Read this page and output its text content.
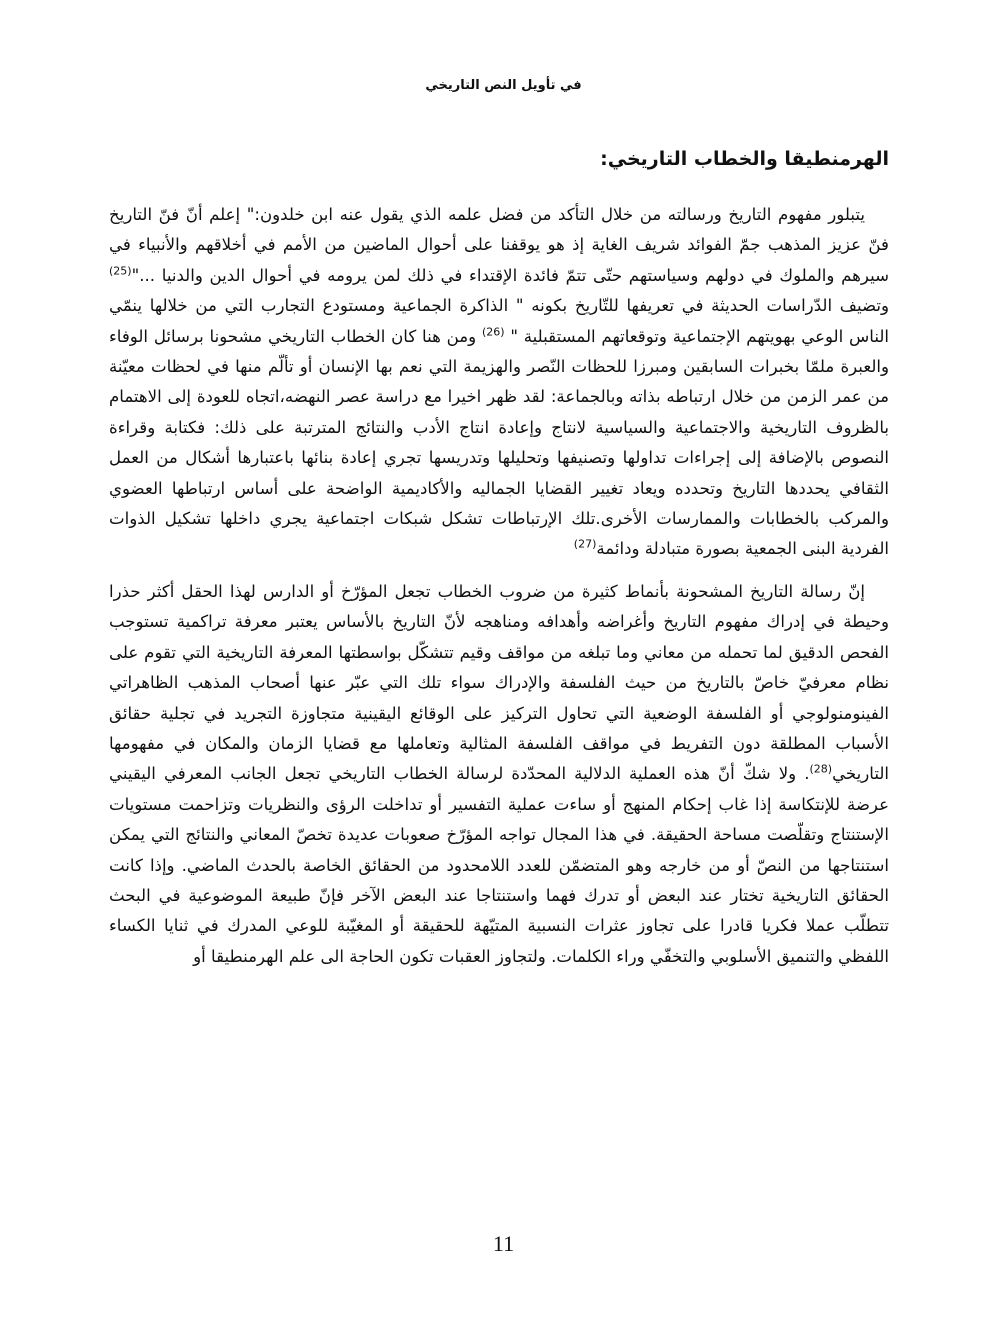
في تأويل النص التاريخي
الهرمنطيقا والخطاب التاريخي:

يتبلور مفهوم التاريخ ورسالته من خلال التأكد من فضل علمه الذي يقول عنه ابن خلدون:" إعلم أنّ فنّ التاريخ فنّ عزيز المذهب جمّ الفوائد شريف الغاية إذ هو يوقفنا على أحوال الماضين من الأمم في أخلاقهم والأنبياء في سيرهم والملوك في دولهم وسياستهم حتّى تتمّ فائدة الإقتداء في ذلك لمن يرومه في أحوال الدين والدنيا ..."$^{(25)}$ وتضيف الدّراسات الحديثة في تعريفها للتّاريخ بكونه " الذاكرة الجماعية ومستودع التجارب التي من خلالها ينمّي الناس الوعي بهويتهم الإجتماعية وتوقعاتهم المستقبلية " $^{(26)}$ ومن هنا كان الخطاب التاريخي مشحونا برسائل الوفاء والعبرة ملمّا بخبرات السابقين ومبرزا للحظات النّصر والهزيمة التي نعم بها الإنسان أو تألّم منها في لحظات معيّنة من عمر الزمن من خلال ارتباطه بذاته وبالجماعة: لقد ظهر اخيرا مع دراسة عصر النهضه،اتجاه للعودة إلى الاهتمام بالظروف التاريخية والاجتماعية والسياسية لانتاج وإعادة انتاج الأدب والنتائج المترتبة على ذلك: فكتابة وقراءة النصوص بالإضافة إلى إجراءات تداولها وتصنيفها وتحليلها وتدريسها تجري إعادة بنائها باعتبارها أشكال من العمل الثقافي يحددها التاريخ وتحدده ويعاد تغيير القضايا الجماليه والأكاديمية الواضحة على أساس ارتباطها العضوي والمركب بالخطابات والممارسات الأخرى.تلك الإرتباطات تشكل شبكات اجتماعية يجري داخلها تشكيل الذوات الفردية البنى الجمعية بصورة متبادلة ودائمة$^{(27)}$

إنّ رسالة التاريخ المشحونة بأنماط كثيرة من ضروب الخطاب تجعل المؤرّخ أو الدارس لهذا الحقل أكثر حذرا وحيطة في إدراك مفهوم التاريخ وأغراضه وأهدافه ومناهجه لأنّ التاريخ بالأساس يعتبر معرفة تراكمية تستوجب الفحص الدقيق لما تحمله من معاني وما تبلغه من مواقف وقيم تتشكّل بواسطتها المعرفة التاريخية التي تقوم على نظام معرفيّ خاصّ بالتاريخ من حيث الفلسفة والإدراك سواء تلك التي عبّر عنها أصحاب المذهب الظاهراتي الفينومنولوجي أو الفلسفة الوضعية التي تحاول التركيز على الوقائع اليقينية متجاوزة التجريد في تجلية حقائق الأسباب المطلقة دون التفريط في مواقف الفلسفة المثالية وتعاملها مع قضايا الزمان والمكان في مفهومها التاريخي$^{(28)}$. ولا شكّ أنّ هذه العملية الدلالية المحدّدة لرسالة الخطاب التاريخي تجعل الجانب المعرفي اليقيني عرضة للإنتكاسة إذا غاب إحكام المنهج أو ساءت عملية التفسير أو تداخلت الرؤى والنظريات وتزاحمت مستويات الإستنتاج وتقلّصت مساحة الحقيقة. في هذا المجال تواجه المؤرّخ صعوبات عديدة تخصّ المعاني والنتائج التي يمكن استنتاجها من النصّ أو من خارجه وهو المتضمّن للعدد اللامحدود من الحقائق الخاصة بالحدث الماضي. وإذا كانت الحقائق التاريخية تختار عند البعض أو تدرك فهما واستنتاجا عند البعض الآخر فإنّ طبيعة الموضوعية في البحث تتطلّب عملا فكريا قادرا على تجاوز عثرات النسبية المتيّهة للحقيقة أو المغيّبة للوعي المدرك في ثنايا الكساء اللفظي والتنميق الأسلوبي والتخفّي وراء الكلمات. ولتجاوز العقبات تكون الحاجة الى علم الهرمنطيقا أو

11
